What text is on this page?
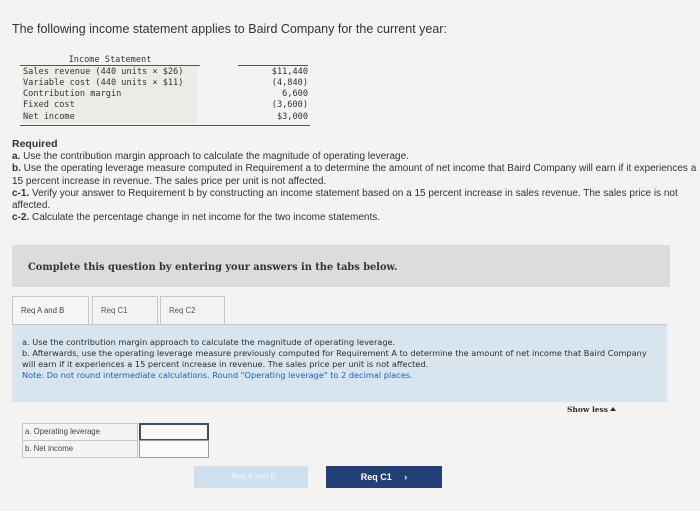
The following income statement applies to Baird Company for the current year:
Income Statement
Sales revenue (440 units × $26)	$11,440
Variable cost (440 units × $11)	(4,840)
Contribution margin	6,600
Fixed cost	(3,600)
Net income	$3,000
Required

a. Use the contribution margin approach to calculate the magnitude of operating leverage.

b. Use the operating leverage measure computed in Requirement a to determine the amount of net income that Baird Company will earn if it experiences a 15 percent increase in revenue. The sales price per unit is not affected.

c-1. Verify your answer to Requirement b by constructing an income statement based on a 15 percent increase in sales revenue. The sales price is not affected.

c-2. Calculate the percentage change in net income for the two income statements.

Complete this question by entering your answers in the tabs below.
Req A and B	Req C1	Req C2
a. Use the contribution margin approach to calculate the magnitude of operating leverage.
b. Afterwards, use the operating leverage measure previously computed for Requirement A to determine the amount of net income that Baird Company will earn if it experiences a 15 percent increase in revenue. The sales price per unit is not affected.
Note: Do not round intermediate calculations. Round "Operating leverage" to 2 decimal places.
Show less
a. Operating leverage
b. Net income
‹ Req A and B	Req C1 ›
